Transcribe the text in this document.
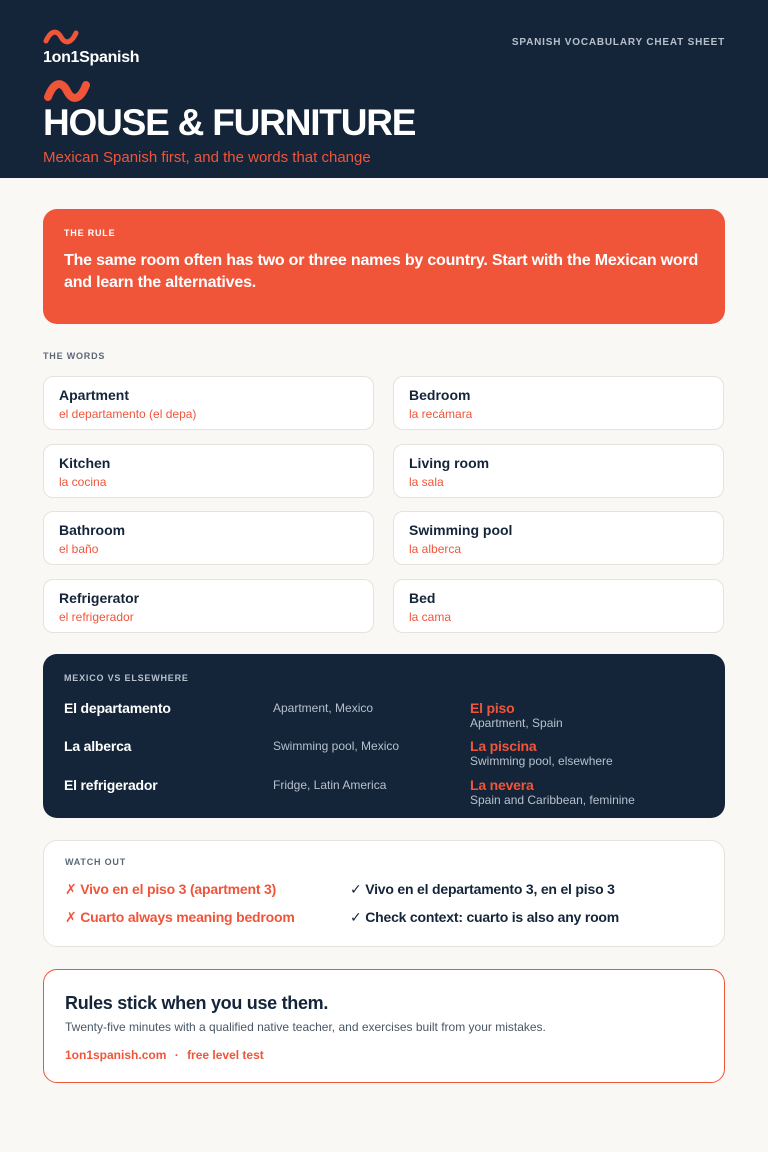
1on1Spanish
SPANISH VOCABULARY CHEAT SHEET
HOUSE & FURNITURE
Mexican Spanish first, and the words that change
THE RULE
The same room often has two or three names by country. Start with the Mexican word and learn the alternatives.
THE WORDS
Apartment
el departamento (el depa)
Bedroom
la recámara
Kitchen
la cocina
Living room
la sala
Bathroom
el baño
Swimming pool
la alberca
Refrigerator
el refrigerador
Bed
la cama
MEXICO VS ELSEWHERE
El departamento	Apartment, Mexico	El piso
Apartment, Spain
La alberca	Swimming pool, Mexico	La piscina
Swimming pool, elsewhere
El refrigerador	Fridge, Latin America	La nevera
Spain and Caribbean, feminine
WATCH OUT
✗ Vivo en el piso 3 (apartment 3)	✓ Vivo en el departamento 3, en el piso 3
✗ Cuarto always meaning bedroom	✓ Check context: cuarto is also any room
Rules stick when you use them.
Twenty-five minutes with a qualified native teacher, and exercises built from your mistakes.
1on1spanish.com · free level test
